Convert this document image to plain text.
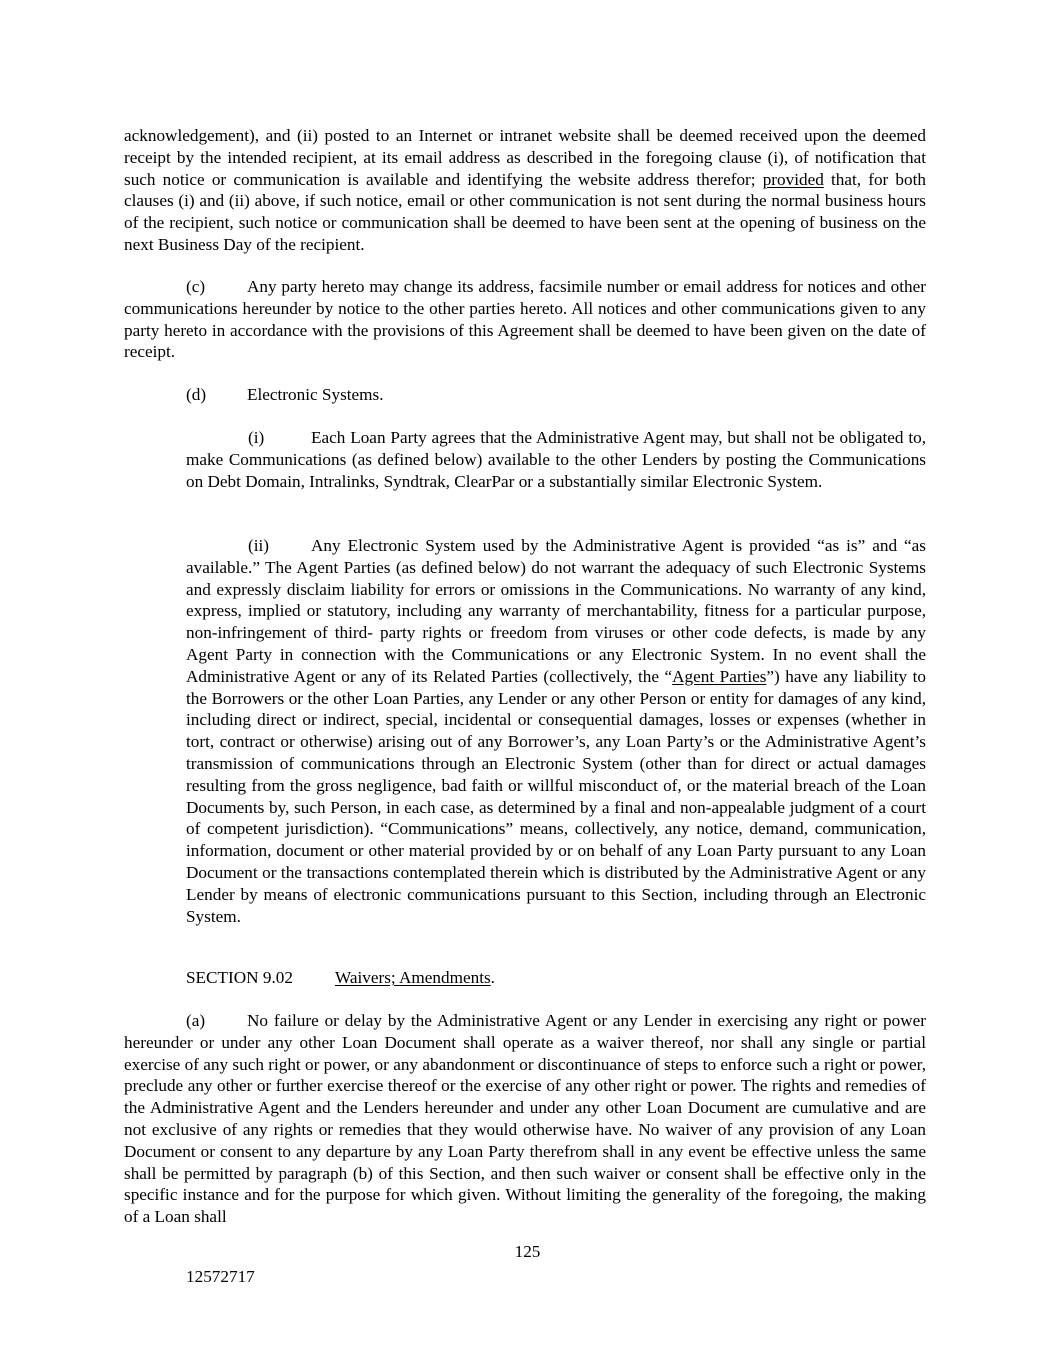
acknowledgement), and (ii) posted to an Internet or intranet website shall be deemed received upon the deemed receipt by the intended recipient, at its email address as described in the foregoing clause (i), of notification that such notice or communication is available and identifying the website address therefor; provided that, for both clauses (i) and (ii) above, if such notice, email or other communication is not sent during the normal business hours of the recipient, such notice or communication shall be deemed to have been sent at the opening of business on the next Business Day of the recipient.

(c) Any party hereto may change its address, facsimile number or email address for notices and other communications hereunder by notice to the other parties hereto. All notices and other communications given to any party hereto in accordance with the provisions of this Agreement shall be deemed to have been given on the date of receipt.

(d) Electronic Systems.

(i)	Each Loan Party agrees that the Administrative Agent may, but shall not be obligated to, make Communications (as defined below) available to the other Lenders by posting the Communications on Debt Domain, Intralinks, Syndtrak, ClearPar or a substantially similar Electronic System.

(ii) Any Electronic System used by the Administrative Agent is provided “as is” and “as available.” The Agent Parties (as defined below) do not warrant the adequacy of such Electronic Systems and expressly disclaim liability for errors or omissions in the Communications. No warranty of any kind, express, implied or statutory, including any warranty of merchantability, fitness for a particular purpose, non-infringement of third- party rights or freedom from viruses or other code defects, is made by any Agent Party in connection with the Communications or any Electronic System. In no event shall the Administrative Agent or any of its Related Parties (collectively, the “Agent Parties”) have any liability to the Borrowers or the other Loan Parties, any Lender or any other Person or entity for damages of any kind, including direct or indirect, special, incidental or consequential damages, losses or expenses (whether in tort, contract or otherwise) arising out of any Borrower’s, any Loan Party’s or the Administrative Agent’s transmission of communications through an Electronic System (other than for direct or actual damages resulting from the gross negligence, bad faith or willful misconduct of, or the material breach of the Loan Documents by, such Person, in each case, as determined by a final and non-appealable judgment of a court of competent jurisdiction). “Communications” means, collectively, any notice, demand, communication, information, document or other material provided by or on behalf of any Loan Party pursuant to any Loan Document or the transactions contemplated therein which is distributed by the Administrative Agent or any Lender by means of electronic communications pursuant to this Section, including through an Electronic System.

SECTION 9.02 Waivers; Amendments.

(a) No failure or delay by the Administrative Agent or any Lender in exercising any right or power hereunder or under any other Loan Document shall operate as a waiver thereof, nor shall any single or partial exercise of any such right or power, or any abandonment or discontinuance of steps to enforce such a right or power, preclude any other or further exercise thereof or the exercise of any other right or power. The rights and remedies of the Administrative Agent and the Lenders hereunder and under any other Loan Document are cumulative and are not exclusive of any rights or remedies that they would otherwise have. No waiver of any provision of any Loan Document or consent to any departure by any Loan Party therefrom shall in any event be effective unless the same shall be permitted by paragraph (b) of this Section, and then such waiver or consent shall be effective only in the specific instance and for the purpose for which given. Without limiting the generality of the foregoing, the making of a Loan shall

125
12572717
